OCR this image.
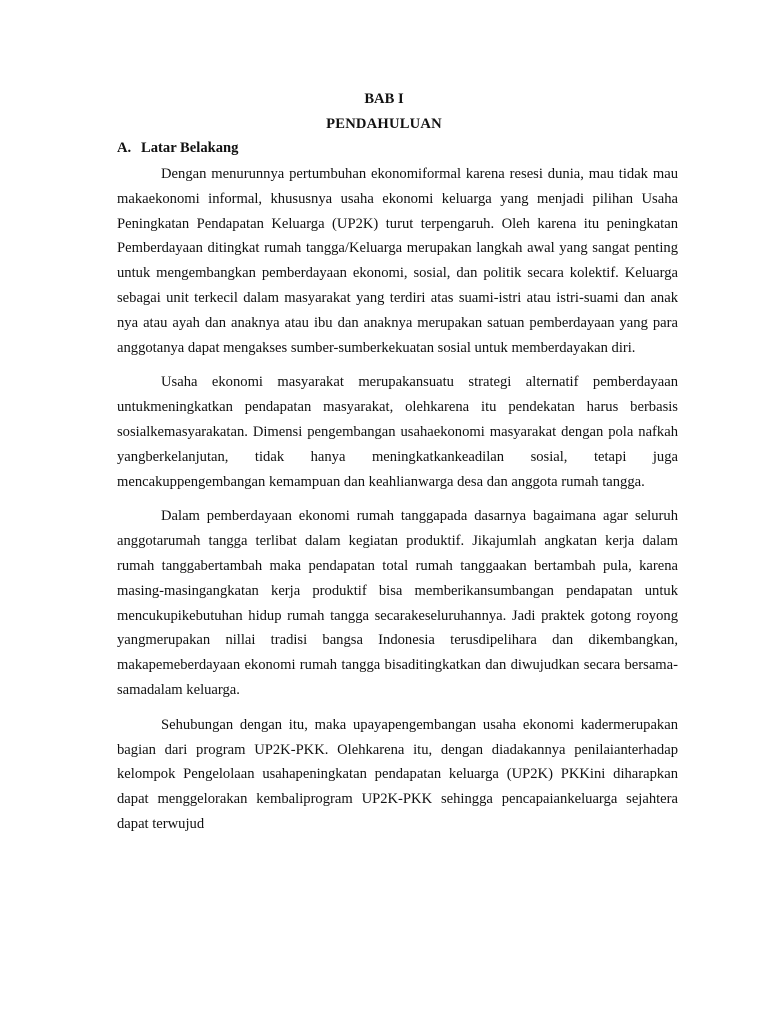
BAB I
PENDAHULUAN
A. Latar Belakang

Dengan menurunnya pertumbuhan ekonomiformal karena resesi dunia, mau tidak mau makaekonomi informal, khususnya usaha ekonomi keluarga yang menjadi pilihan Usaha Peningkatan Pendapatan Keluarga (UP2K) turut terpengaruh. Oleh karena itu peningkatan Pemberdayaan ditingkat rumah tangga/Keluarga merupakan langkah awal yang sangat penting untuk mengembangkan pemberdayaan ekonomi, sosial, dan politik secara kolektif. Keluarga sebagai unit terkecil dalam masyarakat yang terdiri atas suami-istri atau istri-suami dan anak nya atau ayah dan anaknya atau ibu dan anaknya merupakan satuan pemberdayaan yang para anggotanya dapat mengakses sumber-sumberkekuatan sosial untuk memberdayakan diri.

Usaha ekonomi masyarakat merupakansuatu strategi alternatif pemberdayaan untukmeningkatkan pendapatan masyarakat, olehkarena itu pendekatan harus berbasis sosialkemasyarakatan. Dimensi pengembangan usahaekonomi masyarakat dengan pola nafkah yangberkelanjutan, tidak hanya meningkatkankeadilan sosial, tetapi juga mencakuppengembangan kemampuan dan keahlianwarga desa dan anggota rumah tangga.

Dalam pemberdayaan ekonomi rumah tanggapada dasarnya bagaimana agar seluruh anggotarumah tangga terlibat dalam kegiatan produktif. Jikajumlah angkatan kerja dalam rumah tanggabertambah maka pendapatan total rumah tanggaakan bertambah pula, karena masing-masingangkatan kerja produktif bisa memberikansumbangan pendapatan untuk mencukupikebutuhan hidup rumah tangga secarakeseluruhannya. Jadi praktek gotong royong yangmerupakan nillai tradisi bangsa Indonesia terusdipelihara dan dikembangkan, makapemeberdayaan ekonomi rumah tangga bisaditingkatkan dan diwujudkan secara bersama-samadalam keluarga.

Sehubungan dengan itu, maka upayapengembangan usaha ekonomi kadermerupakan bagian dari program UP2K-PKK. Olehkarena itu, dengan diadakannya penilaianterhadap kelompok Pengelolaan usahapeningkatan pendapatan keluarga (UP2K) PKKini diharapkan dapat menggelorakan kembaliprogram UP2K-PKK sehingga pencapaiankeluarga sejahtera dapat terwujud
